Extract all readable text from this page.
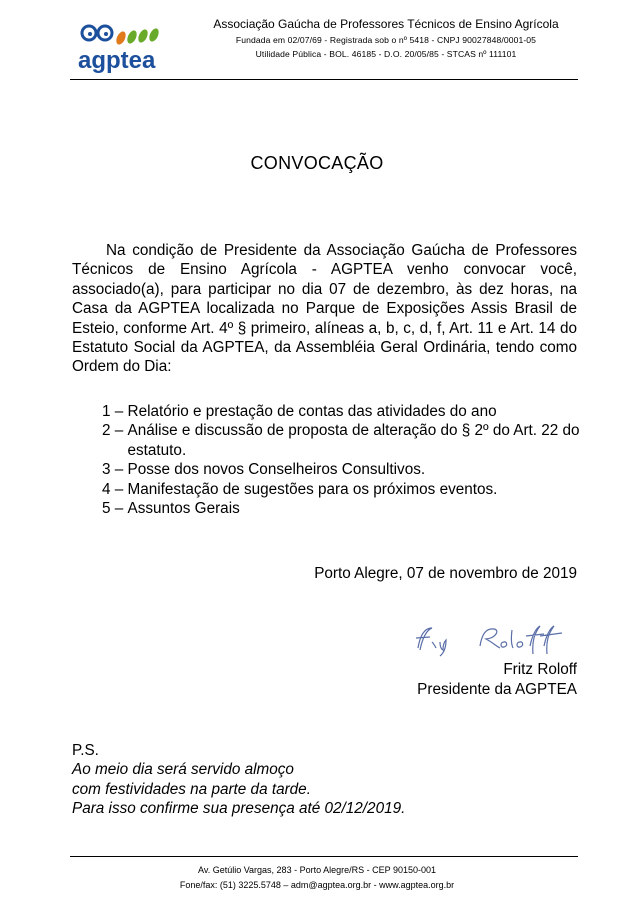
agptea
Associação Gaúcha de Professores Técnicos de Ensino Agrícola
Fundada em 02/07/69 - Registrada sob o nº 5418 - CNPJ 90027848/0001-05
Utilidade Pública - BOL. 46185 - D.O. 20/05/85 - STCAS nº 111101
CONVOCAÇÃO
Na condição de Presidente da Associação Gaúcha de Professores Técnicos de Ensino Agrícola - AGPTEA venho convocar você, associado(a), para participar no dia 07 de dezembro, às dez horas, na Casa da AGPTEA localizada no Parque de Exposições Assis Brasil de Esteio, conforme Art. 4º § primeiro, alíneas a, b, c, d, f, Art. 11 e Art. 14 do Estatuto Social da AGPTEA, da Assembléia Geral Ordinária, tendo como Ordem do Dia:
1 – Relatório e prestação de contas das atividades do ano
2 – Análise e discussão de proposta de alteração do § 2º do Art. 22 do estatuto.
3 – Posse dos novos Conselheiros Consultivos.
4 – Manifestação de sugestões para os próximos eventos.
5 – Assuntos Gerais
Porto Alegre, 07 de novembro de 2019
Fritz Roloff
Presidente da AGPTEA
P.S.
Ao meio dia será servido almoço
com festividades na parte da tarde.
Para isso confirme sua presença até 02/12/2019.
Av. Getúlio Vargas, 283 - Porto Alegre/RS - CEP 90150-001
Fone/fax: (51) 3225.5748 – adm@agptea.org.br - www.agptea.org.br
